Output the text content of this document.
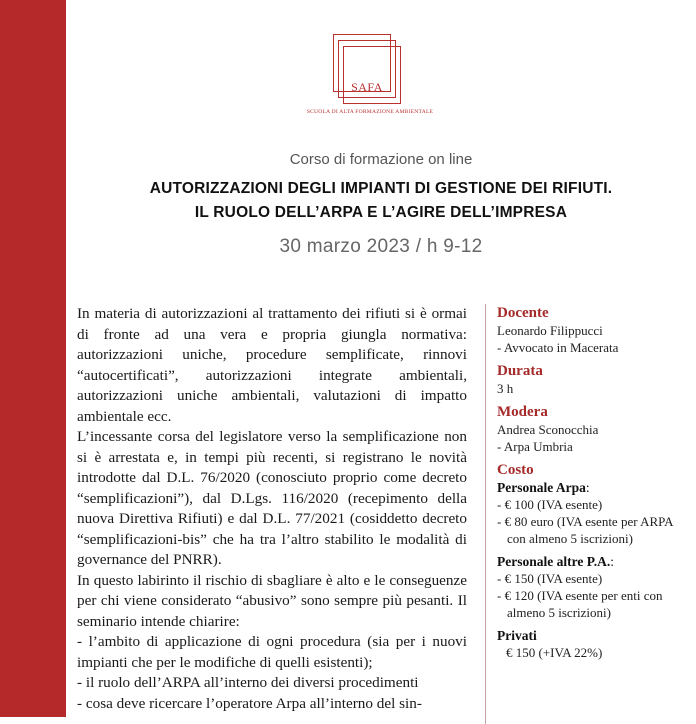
SAFA
SCUOLA DI ALTA FORMAZIONE AMBIENTALE
Corso di formazione on line
AUTORIZZAZIONI DEGLI IMPIANTI DI GESTIONE DEI RIFIUTI.
IL RUOLO DELL’ARPA E L’AGIRE DELL’IMPRESA
30 marzo 2023 / h 9-12

In materia di autorizzazioni al trattamento dei rifiuti si è ormai di fronte ad una vera e propria giungla normativa: autorizzazioni uniche, procedure semplificate, rinnovi “autocertificati”, autorizzazioni integrate ambientali, autorizzazioni uniche ambientali, valutazioni di impatto ambientale ecc.

L’incessante corsa del legislatore verso la semplificazione non si è arrestata e, in tempi più recenti, si registrano le novità introdotte dal D.L. 76/2020 (conosciuto proprio come decreto “semplificazioni”), dal D.Lgs. 116/2020 (recepimento della nuova Direttiva Rifiuti) e dal D.L. 77/2021 (cosiddetto decreto “semplificazioni-bis” che ha tra l’altro stabilito le modalità di governance del PNRR).

In questo labirinto il rischio di sbagliare è alto e le conseguenze per chi viene considerato “abusivo” sono sempre più pesanti. Il seminario intende chiarire:

- l’ambito di applicazione di ogni procedura (sia per i nuovi impianti che per le modifiche di quelli esistenti);

- il ruolo dell’ARPA all’interno dei diversi procedimenti

- cosa deve ricercare l’operatore Arpa all’interno del sin-

Docente
Leonardo Filippucci
- Avvocato in Macerata
Durata
3 h
Modera
Andrea Sconocchia
- Arpa Umbria
Costo
Personale Arpa:
- € 100 (IVA esente)
- € 80 euro (IVA esente per ARPA con almeno 5 iscrizioni)
Personale altre P.A.:
- € 150 (IVA esente)
- € 120 (IVA esente per enti con almeno 5 iscrizioni)
Privati
€ 150 (+IVA 22%)
